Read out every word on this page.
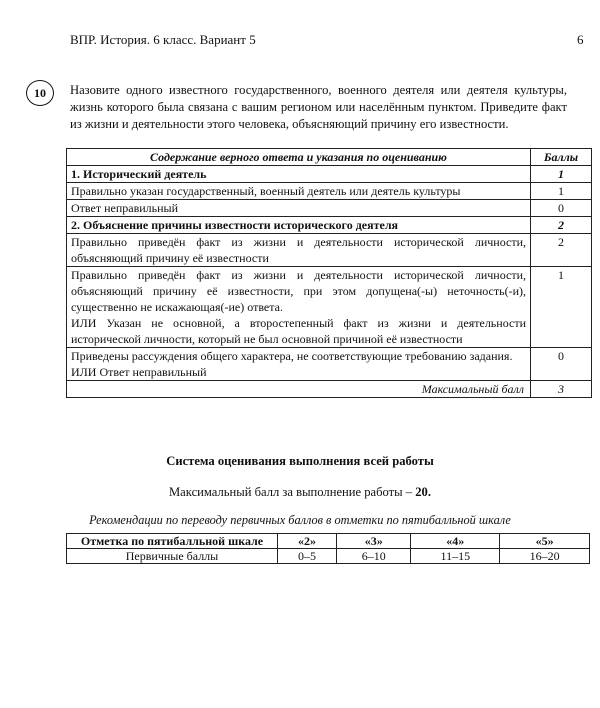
ВПР. История. 6 класс. Вариант 5	6
10	Назовите одного известного государственного, военного деятеля или деятеля культуры, жизнь которого была связана с вашим регионом или населённым пунктом. Приведите факт из жизни и деятельности этого человека, объясняющий причину его известности.
Содержание верного ответа и указания по оцениванию	Баллы
1. Исторический деятель	1
Правильно указан государственный, военный деятель или деятель культуры	1
Ответ неправильный	0
2. Объяснение причины известности исторического деятеля	2
Правильно приведён факт из жизни и деятельности исторической личности, объясняющий причину её известности	2

Правильно приведён факт из жизни и деятельности исторической личности, объясняющий причину её известности, при этом допущена(-ы) неточность(-и), существенно не искажающая(-ие) ответа.
ИЛИ Указан не основной, а второстепенный факт из жизни и деятельности исторической личности, который не был основной причиной её известности	1

Приведены рассуждения общего характера, не соответствующие требованию задания.
ИЛИ Ответ неправильный	0
Максимальный балл	3
Система оценивания выполнения всей работы
Максимальный балл за выполнение работы – 20.
Рекомендации по переводу первичных баллов в отметки по пятибалльной шкале
Отметка по пятибалльной шкале	«2»	«3»	«4»	«5»
Первичные баллы	0–5	6–10	11–15	16–20
